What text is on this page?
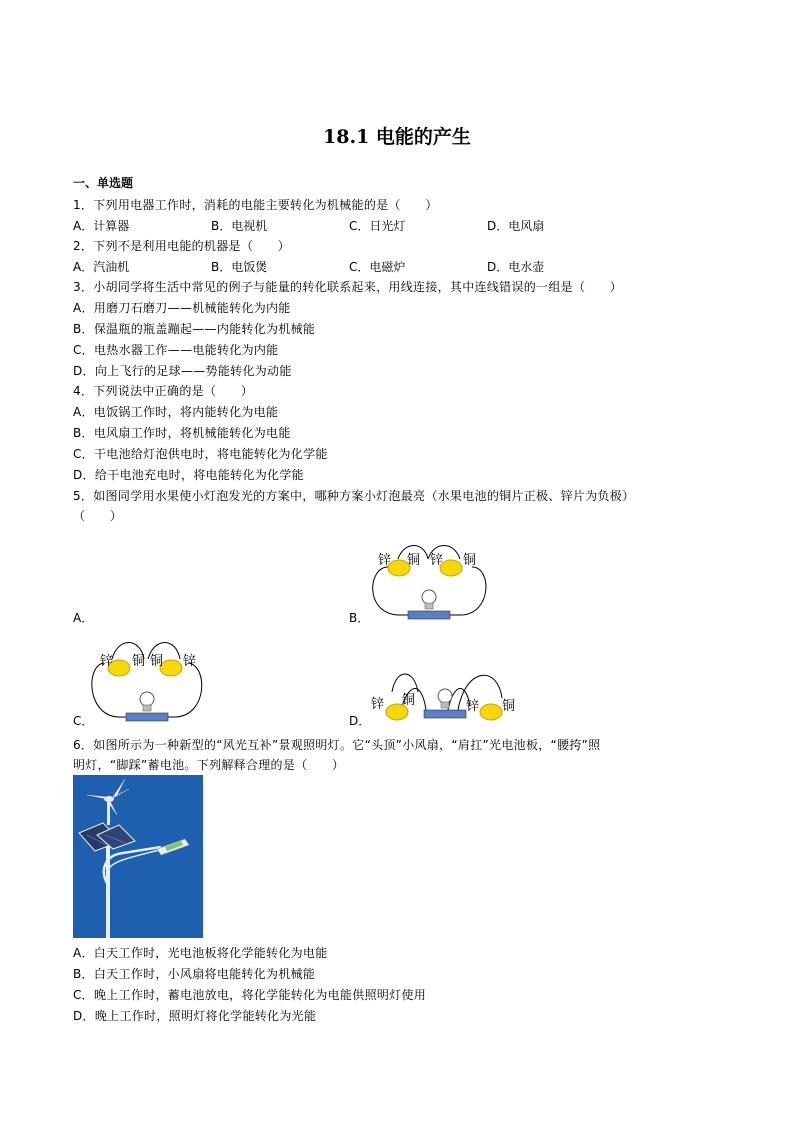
18.1 电能的产生
一、单选题
1．下列用电器工作时，消耗的电能主要转化为机械能的是（　　）
A．计算器	B．电视机	C．日光灯	D．电风扇
2．下列不是利用电能的机器是（　　）
A．汽油机	B．电饭煲	C．电磁炉	D．电水壶
3．小胡同学将生活中常见的例子与能量的转化联系起来，用线连接，其中连线错误的一组是（　　）
A．用磨刀石磨刀——机械能转化为内能
B．保温瓶的瓶盖蹦起——内能转化为机械能
C．电热水器工作——电能转化为内能
D．向上飞行的足球——势能转化为动能
4．下列说法中正确的是（　　）
A．电饭锅工作时，将内能转化为电能
B．电风扇工作时，将机械能转化为电能
C．干电池给灯泡供电时，将电能转化为化学能
D．给干电池充电时，将电能转化为化学能
5．如图同学用水果使小灯泡发光的方案中，哪种方案小灯泡最亮（水果电池的铜片正极、锌片为负极）
（　　）
锌 铜 锌 铜
A．	B．
锌 铜 铜 锌
C．
锌 铜	锌 铜
D．
6．如图所示为一种新型的“风光互补”景观照明灯。它“头顶”小风扇，“肩扛”光电池板，“腰挎”照
明灯，“脚踩”蓄电池。下列解释合理的是（　　）
A．白天工作时，光电池板将化学能转化为电能
B．白天工作时，小风扇将电能转化为机械能
C．晚上工作时，蓄电池放电，将化学能转化为电能供照明灯使用
D．晚上工作时，照明灯将化学能转化为光能
